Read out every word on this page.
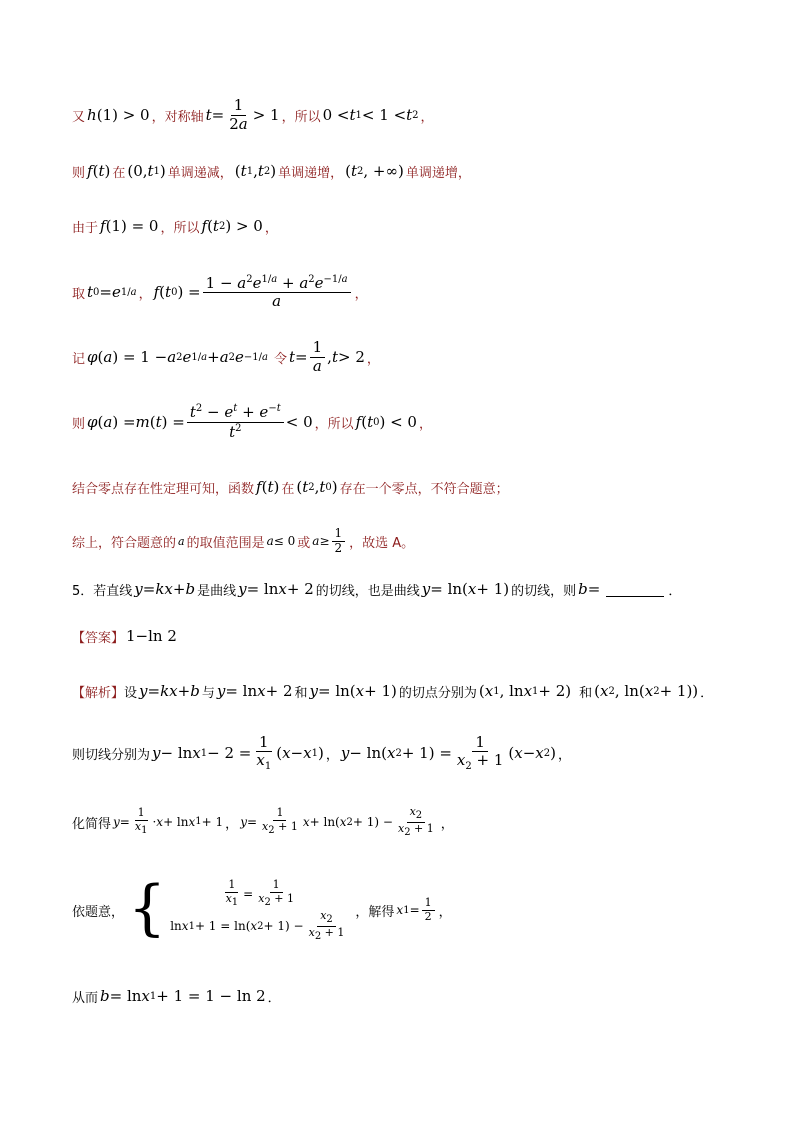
又 h (1) > 0 ，对称轴 $t = \frac{1}{2a} > 1$ ，所以 0 < t 1 < 1 < t 2 ，
则 f ( t ) 在 (0, t 1 ) 单调递减， ( t 1 , t 2 ) 单调递增， ( t 2 , +∞) 单调递增，
由于 f (1) = 0 ，所以 f ( t 2 ) > 0 ，
取 t 0 = e 1/a ， f ( t 0 ) = $\frac{1 - a^2e^{1/a} + a^2e^{-1/a}}{a}$ ，
记 φ ( a ) = 1 − a 2 e 1/a + a 2 e −1/a 令 $t = \frac{1}{a}$ , t > 2 ，
则 φ ( a ) = m ( t ) = $\frac{t^2 - e^t + e^{-t}}{t^2} < 0$ ，所以 f ( t 0 ) < 0 ，
结合零点存在性定理可知，函数 f ( t ) 在 ( t 2 , t 0 ) 存在一个零点，不符合题意；
综上，符合题意的 a 的取值范围是 a ≤ 0 或 $a \ge \frac{1}{2}$ ，故选 A。
5．若直线 y = kx + b 是曲线 y = ln x + 2 的切线，也是曲线 y = ln( x + 1) 的切线，则 b =	．
【答案】 1−ln 2
【解析】 设 y = kx + b 与 y = ln x + 2 和 y = ln( x + 1) 的切点分别为 ( x 1 , ln x 1 + 2) 和 ( x 2 , ln( x 2 + 1)) ．
则切线分别为 y − ln x $1 - 2 = \frac{1}{x_1}$ ( x − x 1 ) ， y − ln( x $2 + 1) = \frac{1}{x_2 + 1}$ ( x − x 2 ) ，
化简得 $y = \frac{1}{x_1} \cdot x + \ln x$ 1 + 1 ， $y = \frac{1}{x_2 + 1}$ x + ln( x $2 + 1) - \frac{x_2}{x_2 + 1}$ ，
依题意， {	$\frac{1}{x_1} = \frac{1}{x_2 + 1}$
ln x 1 + 1 = ln( x $2 + 1) - \frac{x_2}{x_2 + 1}$ ，解得 x $1 = \frac{1}{2}$ ，
从而 b = ln x 1 + 1 = 1 − ln 2 ．
